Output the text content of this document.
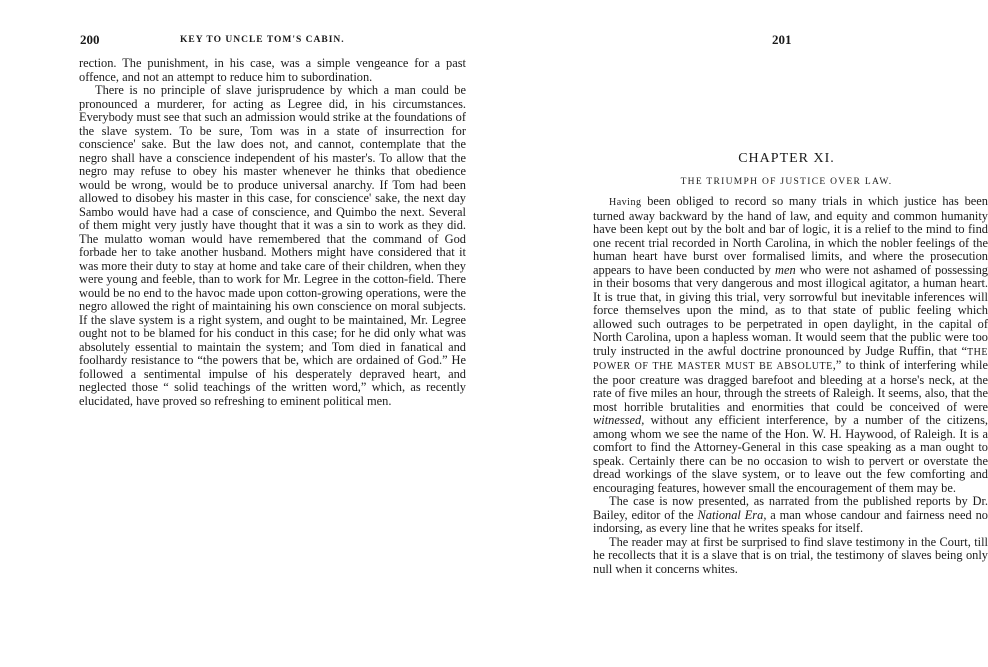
200	KEY TO UNCLE TOM'S CABIN.

rection. The punishment, in his case, was a simple vengeance for a past offence, and not an attempt to reduce him to subordination.

There is no principle of slave jurisprudence by which a man could be pronounced a murderer, for acting as Legree did, in his circumstances. Everybody must see that such an admission would strike at the foundations of the slave system. To be sure, Tom was in a state of insurrection for conscience' sake. But the law does not, and cannot, contemplate that the negro shall have a conscience independent of his master's. To allow that the negro may refuse to obey his master whenever he thinks that obedience would be wrong, would be to produce universal anarchy. If Tom had been allowed to disobey his master in this case, for conscience' sake, the next day Sambo would have had a case of conscience, and Quimbo the next. Several of them might very justly have thought that it was a sin to work as they did. The mulatto woman would have remembered that the command of God forbade her to take another husband. Mothers might have considered that it was more their duty to stay at home and take care of their children, when they were young and feeble, than to work for Mr. Legree in the cotton-field. There would be no end to the havoc made upon cotton-growing operations, were the negro allowed the right of maintaining his own conscience on moral subjects. If the slave system is a right system, and ought to be maintained, Mr. Legree ought not to be blamed for his conduct in this case; for he did only what was absolutely essential to maintain the system; and Tom died in fanatical and foolhardy resistance to “the powers that be, which are ordained of God.” He followed a sentimental impulse of his desperately depraved heart, and neglected those “ solid teachings of the written word,” which, as recently elucidated, have proved so refreshing to eminent political men.

201
CHAPTER XI.
THE TRIUMPH OF JUSTICE OVER LAW.

Having been obliged to record so many trials in which justice has been turned away backward by the hand of law, and equity and common humanity have been kept out by the bolt and bar of logic, it is a relief to the mind to find one recent trial recorded in North Carolina, in which the nobler feelings of the human heart have burst over formalised limits, and where the prosecution appears to have been conducted by men who were not ashamed of possessing in their bosoms that very dangerous and most illogical agitator, a human heart. It is true that, in giving this trial, very sorrowful but inevitable inferences will force themselves upon the mind, as to that state of public feeling which allowed such outrages to be perpetrated in open daylight, in the capital of North Carolina, upon a hapless woman. It would seem that the public were too truly instructed in the awful doctrine pronounced by Judge Ruffin, that “THE POWER OF THE MASTER MUST BE ABSOLUTE,” to think of interfering while the poor creature was dragged barefoot and bleeding at a horse's neck, at the rate of five miles an hour, through the streets of Raleigh. It seems, also, that the most horrible brutalities and enormities that could be conceived of were witnessed, without any efficient interference, by a number of the citizens, among whom we see the name of the Hon. W. H. Haywood, of Raleigh. It is a comfort to find the Attorney-General in this case speaking as a man ought to speak. Certainly there can be no occasion to wish to pervert or overstate the dread workings of the slave system, or to leave out the few comforting and encouraging features, however small the encouragement of them may be.

The case is now presented, as narrated from the published reports by Dr. Bailey, editor of the National Era, a man whose candour and fairness need no indorsing, as every line that he writes speaks for itself.

The reader may at first be surprised to find slave testimony in the Court, till he recollects that it is a slave that is on trial, the testimony of slaves being only null when it concerns whites.
